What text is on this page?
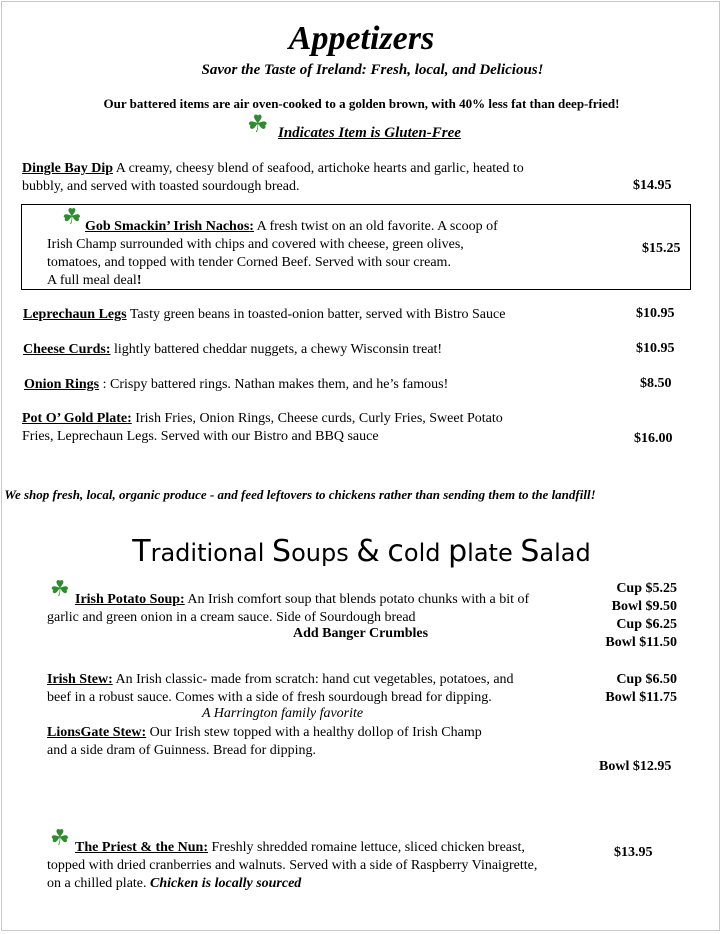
Appetizers
Savor the Taste of Ireland: Fresh, local, and Delicious!
Our battered items are air oven-cooked to a golden brown, with 40% less fat than deep-fried!
☘ Indicates Item is Gluten-Free
Dingle Bay Dip A creamy, cheesy blend of seafood, artichoke hearts and garlic, heated to
bubbly, and served with toasted sourdough bread.	$14.95
☘ Gob Smackin’ Irish Nachos: A fresh twist on an old favorite. A scoop of
Irish Champ surrounded with chips and covered with cheese, green olives,
tomatoes, and topped with tender Corned Beef. Served with sour cream.
A full meal deal!
$15.25
Leprechaun Legs Tasty green beans in toasted-onion batter, served with Bistro Sauce	$10.95
Cheese Curds: lightly battered cheddar nuggets, a chewy Wisconsin treat!	$10.95
Onion Rings : Crispy battered rings. Nathan makes them, and he’s famous!	$8.50
Pot O’ Gold Plate: Irish Fries, Onion Rings, Cheese curds, Curly Fries, Sweet Potato
Fries, Leprechaun Legs. Served with our Bistro and BBQ sauce	$16.00
We shop fresh, local, organic produce - and feed leftovers to chickens rather than sending them to the landfill!
Traditional Soups & cold plate Salad
☘ Irish Potato Soup: An Irish comfort soup that blends potato chunks with a bit of
garlic and green onion in a cream sauce. Side of Sourdough bread
Add Banger Crumbles
Cup $5.25
Bowl $9.50
Cup $6.25
Bowl $11.50
Irish Stew: An Irish classic- made from scratch: hand cut vegetables, potatoes, and
beef in a robust sauce. Comes with a side of fresh sourdough bread for dipping.
A Harrington family favorite
Cup $6.50
Bowl $11.75
LionsGate Stew: Our Irish stew topped with a healthy dollop of Irish Champ
and a side dram of Guinness. Bread for dipping.
Bowl $12.95
☘ The Priest & the Nun: Freshly shredded romaine lettuce, sliced chicken breast,
topped with dried cranberries and walnuts. Served with a side of Raspberry Vinaigrette,
on a chilled plate. Chicken is locally sourced
$13.95
